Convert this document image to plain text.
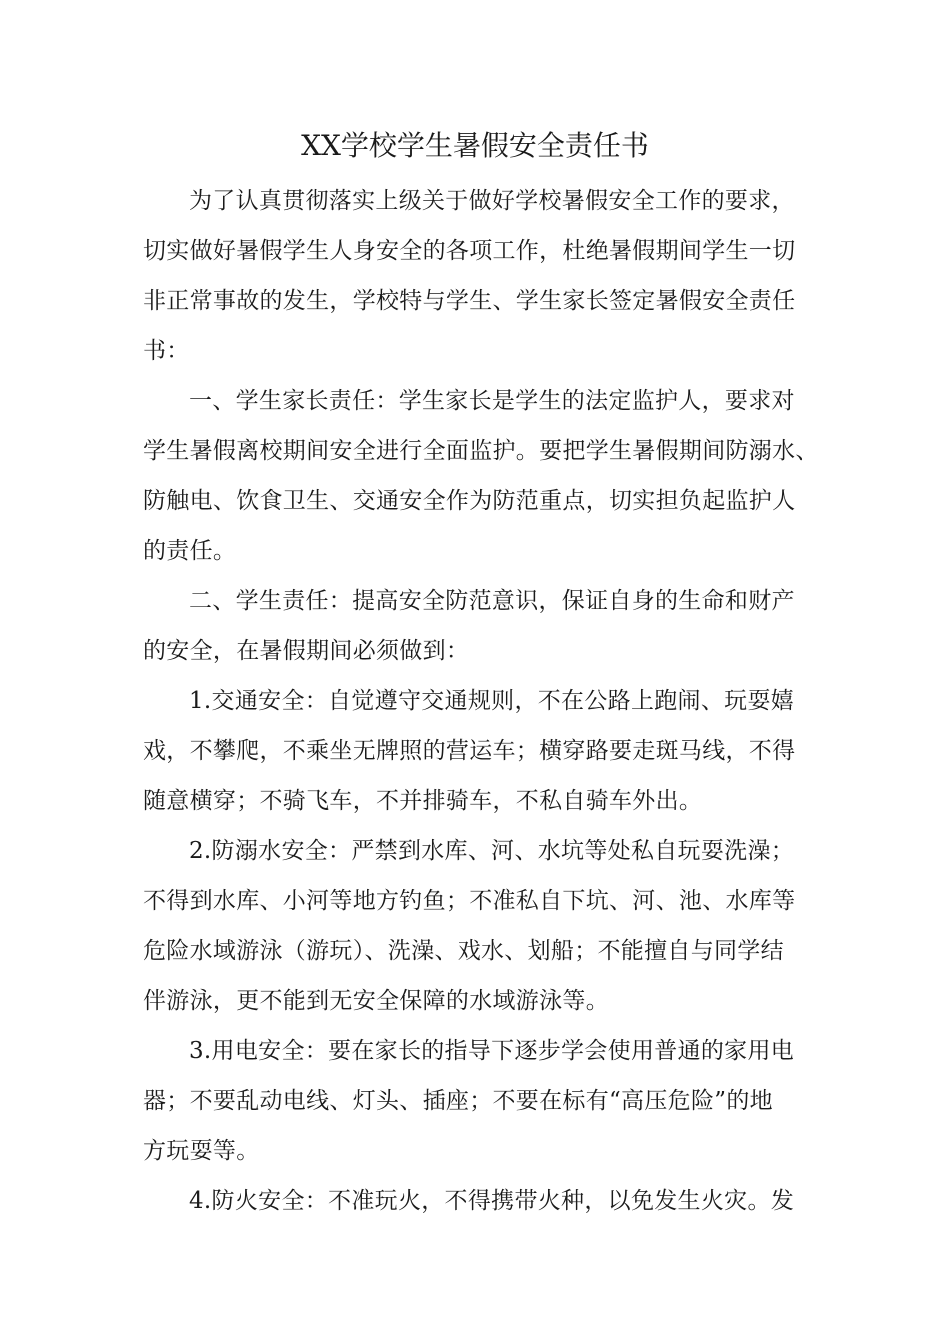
XX学校学生暑假安全责任书
为了认真贯彻落实上级关于做好学校暑假安全工作的要求，
切实做好暑假学生人身安全的各项工作，杜绝暑假期间学生一切
非正常事故的发生，学校特与学生、学生家长签定暑假安全责任
书：
一、学生家长责任：学生家长是学生的法定监护人，要求对
学生暑假离校期间安全进行全面监护。要把学生暑假期间防溺水、
防触电、饮食卫生、交通安全作为防范重点，切实担负起监护人
的责任。
二、学生责任：提高安全防范意识，保证自身的生命和财产
的安全，在暑假期间必须做到：
1.交通安全：自觉遵守交通规则，不在公路上跑闹、玩耍嬉
戏，不攀爬，不乘坐无牌照的营运车；横穿路要走斑马线，不得
随意横穿；不骑飞车，不并排骑车，不私自骑车外出。
2.防溺水安全：严禁到水库、河、水坑等处私自玩耍洗澡；
不得到水库、小河等地方钓鱼；不准私自下坑、河、池、水库等
危险水域游泳（游玩）、洗澡、戏水、划船；不能擅自与同学结
伴游泳，更不能到无安全保障的水域游泳等。
3.用电安全：要在家长的指导下逐步学会使用普通的家用电
器；不要乱动电线、灯头、插座；不要在标有“高压危险”的地
方玩耍等。
4.防火安全：不准玩火，不得携带火种，以免发生火灾。发
